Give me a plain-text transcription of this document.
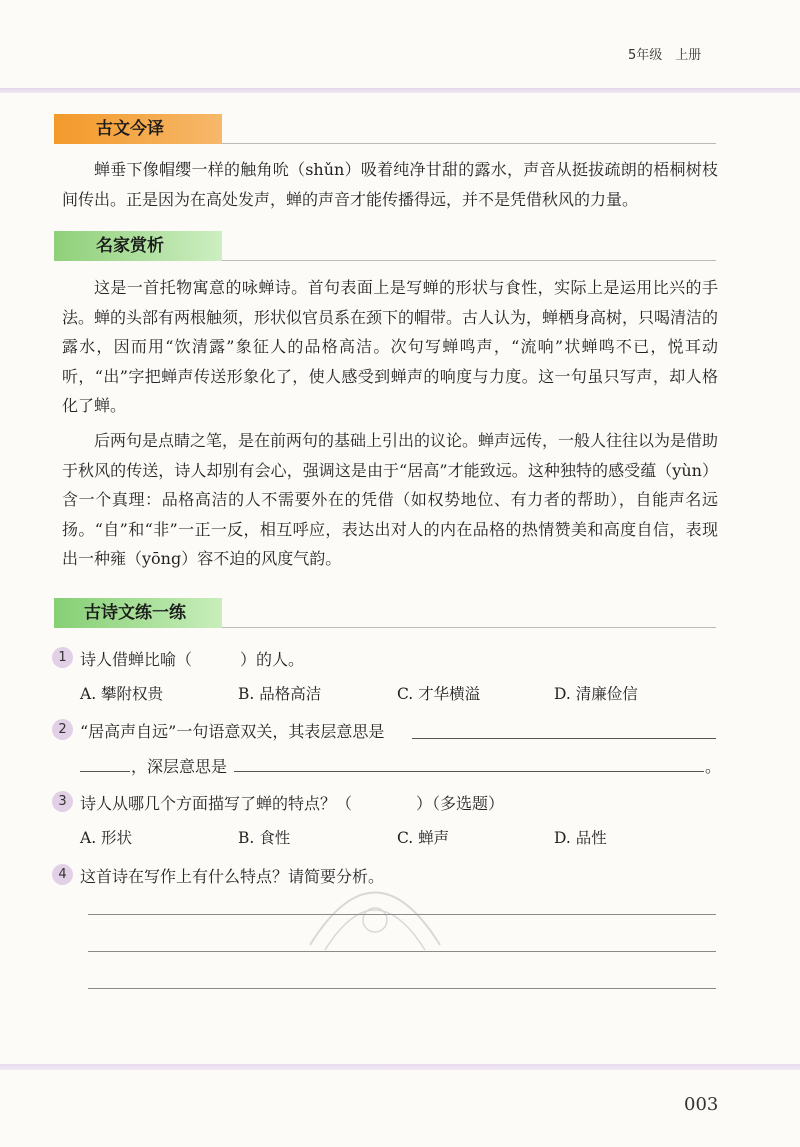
5年级　上册
古文今译

蝉垂下像帽缨一样的触角吮（shǔn）吸着纯净甘甜的露水，声音从挺拔疏朗的梧桐树枝间传出。正是因为在高处发声，蝉的声音才能传播得远，并不是凭借秋风的力量。

名家赏析

这是一首托物寓意的咏蝉诗。首句表面上是写蝉的形状与食性，实际上是运用比兴的手法。蝉的头部有两根触须，形状似官员系在颈下的帽带。古人认为，蝉栖身高树，只喝清洁的露水，因而用“饮清露”象征人的品格高洁。次句写蝉鸣声，“流响”状蝉鸣不已，悦耳动听，“出”字把蝉声传送形象化了，使人感受到蝉声的响度与力度。这一句虽只写声，却人格化了蝉。

后两句是点睛之笔，是在前两句的基础上引出的议论。蝉声远传，一般人往往以为是借助于秋风的传送，诗人却别有会心，强调这是由于“居高”才能致远。这种独特的感受蕴（yùn）含一个真理：品格高洁的人不需要外在的凭借（如权势地位、有力者的帮助），自能声名远扬。“自”和“非”一正一反，相互呼应，表达出对人的内在品格的热情赞美和高度自信，表现出一种雍（yōng）容不迫的风度气韵。

古诗文练一练
1 诗人借蝉比喻（　　　）的人。
A. 攀附权贵	B. 品格高洁	C. 才华横溢	D. 清廉俭信
2 “居高声自远”一句语意双关，其表层意思是
，深层意思是	。
3 诗人从哪几个方面描写了蝉的特点？（　　　　）（多选题）
A. 形状	B. 食性	C. 蝉声	D. 品性
4 这首诗在写作上有什么特点？请简要分析。
003
